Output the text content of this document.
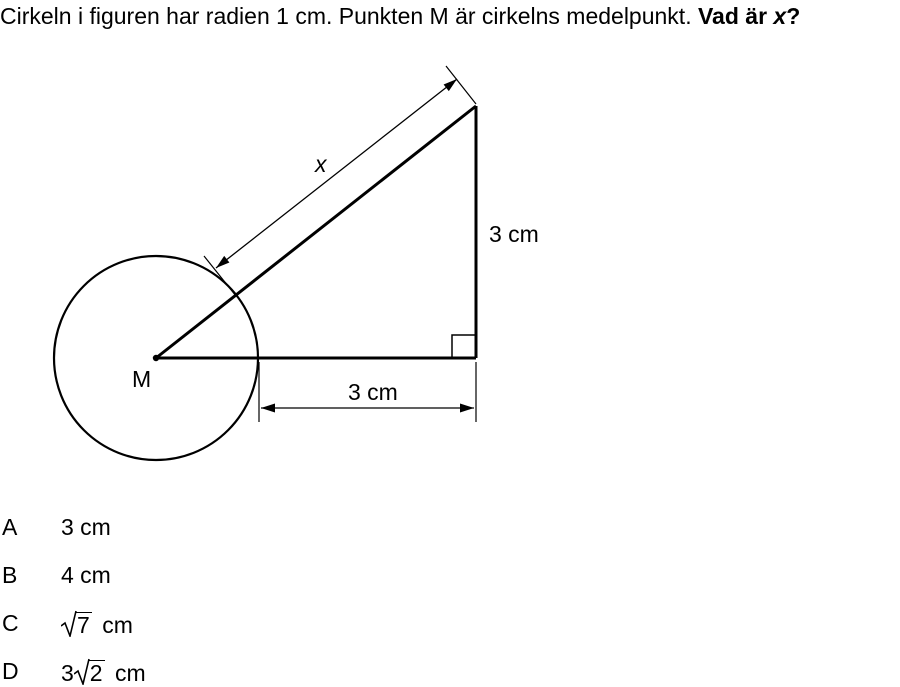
Cirkeln i figuren har radien 1 cm. Punkten M är cirkelns medelpunkt. Vad är x?
M
x
3 cm
3 cm
A 3 cm
B 4 cm
C	7 cm
D 3 2 cm
